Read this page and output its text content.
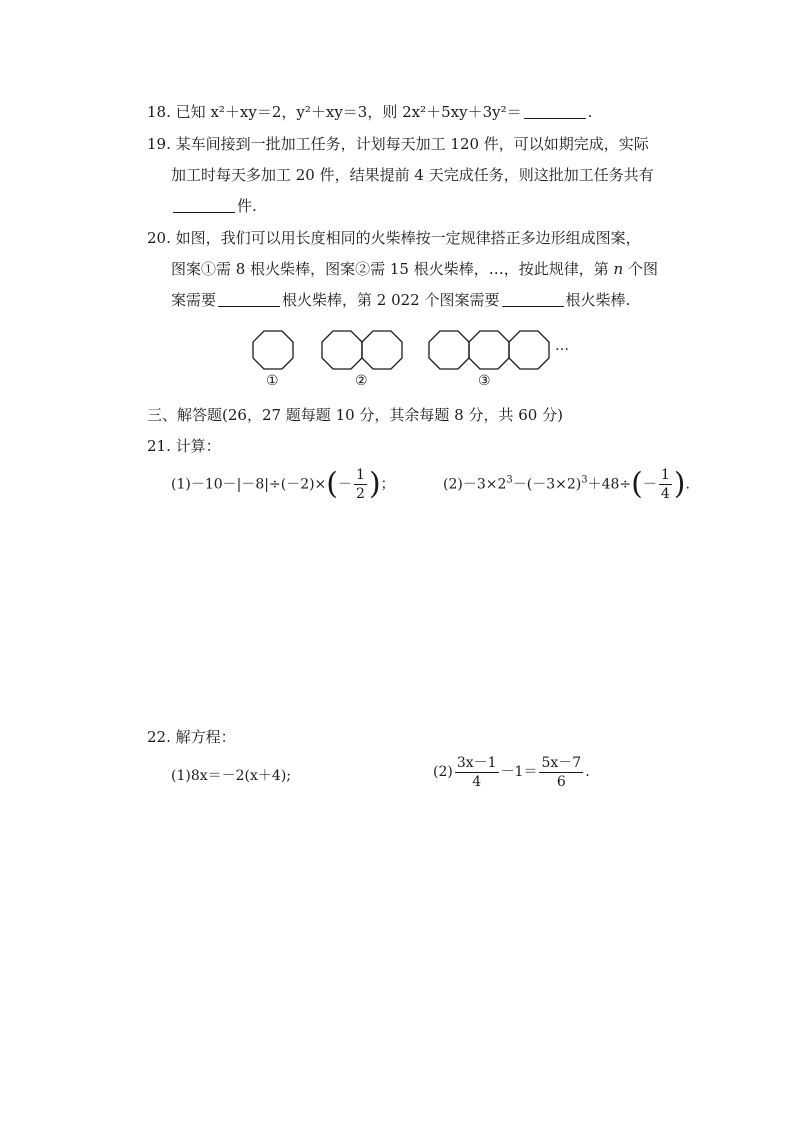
18. 已知 x²＋xy＝2，y²＋xy＝3，则 2x²＋5xy＋3y²＝	.
19. 某车间接到一批加工任务，计划每天加工 120 件，可以如期完成，实际
加工时每天多加工 20 件，结果提前 4 天完成任务，则这批加工任务共有
件.
20. 如图，我们可以用长度相同的火柴棒按一定规律搭正多边形组成图案，
图案①需 8 根火柴棒，图案②需 15 根火柴棒，…，按此规律，第 n 个图
案需要	根火柴棒，第 2 022 个图案需要	根火柴棒.
…
①	②	③
三、解答题(26，27 题每题 10 分，其余每题 8 分，共 60 分)
21. 计算：
$(1)-10-|-8|\div(-2)\times(- \frac{1}{2}$ )；	$(2)-3\times 2^3-(-3\times 2)^3+48\div(- \frac{1}{4}$ ).
22. 解方程：
(1)8x＝－2(x＋4);	$(2) \frac{3x-1}{4} -1= \frac{5x-7}{6}$ .
